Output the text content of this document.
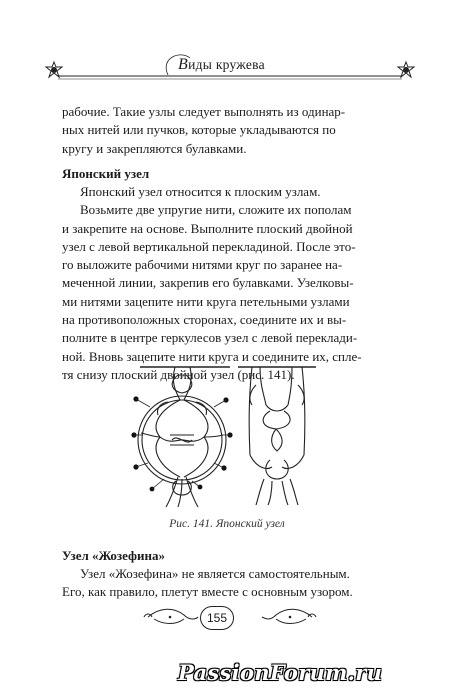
Виды кружева
рабочие. Такие узлы следует выполнять из одинар-
ных нитей или пучков, которые укладываются по
кругу и закрепляются булавками.
Японский узел
Японский узел относится к плоским узлам.
Возьмите две упругие нити, сложите их пополам
и закрепите на основе. Выполните плоский двойной
узел с левой вертикальной перекладиной. После это-
го выложите рабочими нитями круг по заранее на-
меченной линии, закрепив его булавками. Узелковы-
ми нитями зацепите нити круга петельными узлами
на противоположных сторонах, соедините их и вы-
полните в центре геркулесов узел с левой переклади-
ной. Вновь зацепите нити круга и соедините их, спле-
тя снизу плоский двойной узел (рис. 141).
Рис. 141. Японский узел
Узел «Жозефина»
Узел «Жозефина» не является самостоятельным.
Его, как правило, плетут вместе с основным узором.
155
PassionForum.ru
